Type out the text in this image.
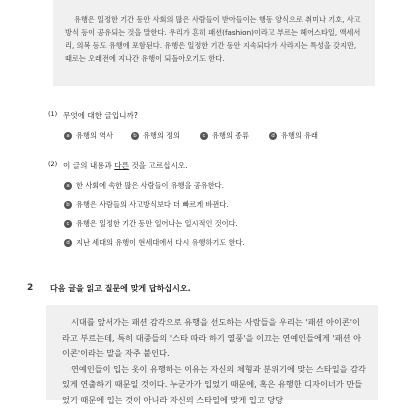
유행은 일정한 기간 동안 사회의 많은 사람들이 받아들이는 행동 양식으로 취미나 기호, 사고방식 등이 공유되는 것을 말한다. 우리가 흔히 패션(fashion)이라고 부르는 헤어스타일, 액세서리, 의복 등도 유행에 포함된다. 유행은 일정한 기간 동안 지속되다가 사라지는 특성을 갖지만, 때로는 오래전에 지나간 유행이 되돌아오기도 한다.

(1) 무엇에 대한 글입니까?
a 유행의 역사	b 유행의 정의	c 유행의 종류	d 유행의 유래
(2) 이 글의 내용과 다른 것을 고르십시오.
a 한 사회에 속한 많은 사람들이 유행을 공유한다.
b 유행은 사람들의 사고방식보다 더 빠르게 바뀐다.
c 유행은 일정한 기간 동안 일어나는 일시적인 것이다.
d 지난 세대의 유행이 현세대에서 다시 유행하기도 한다.
2 다음 글을 읽고 질문에 맞게 답하십시오.

시대를 앞서가는 패션 감각으로 유행을 선도하는 사람들을 우리는 '패션 아이콘'이라고 부르는데, 특히 대중들의 '스타 따라 하기 열풍'을 이끄는 연예인들에게 '패션 아이콘'이라는 말을 자주 붙인다.

연예인들이 입는 옷이 유행하는 이유는 자신의 체형과 분위기에 맞는 스타일을 감각 있게 연출하기 때문일 것이다. 누군가가 입었기 때문에, 혹은 유행한 디자이너가 만들었기 때문에 입는 것이 아니라 자신의 스타일에 맞게 입고 당당
